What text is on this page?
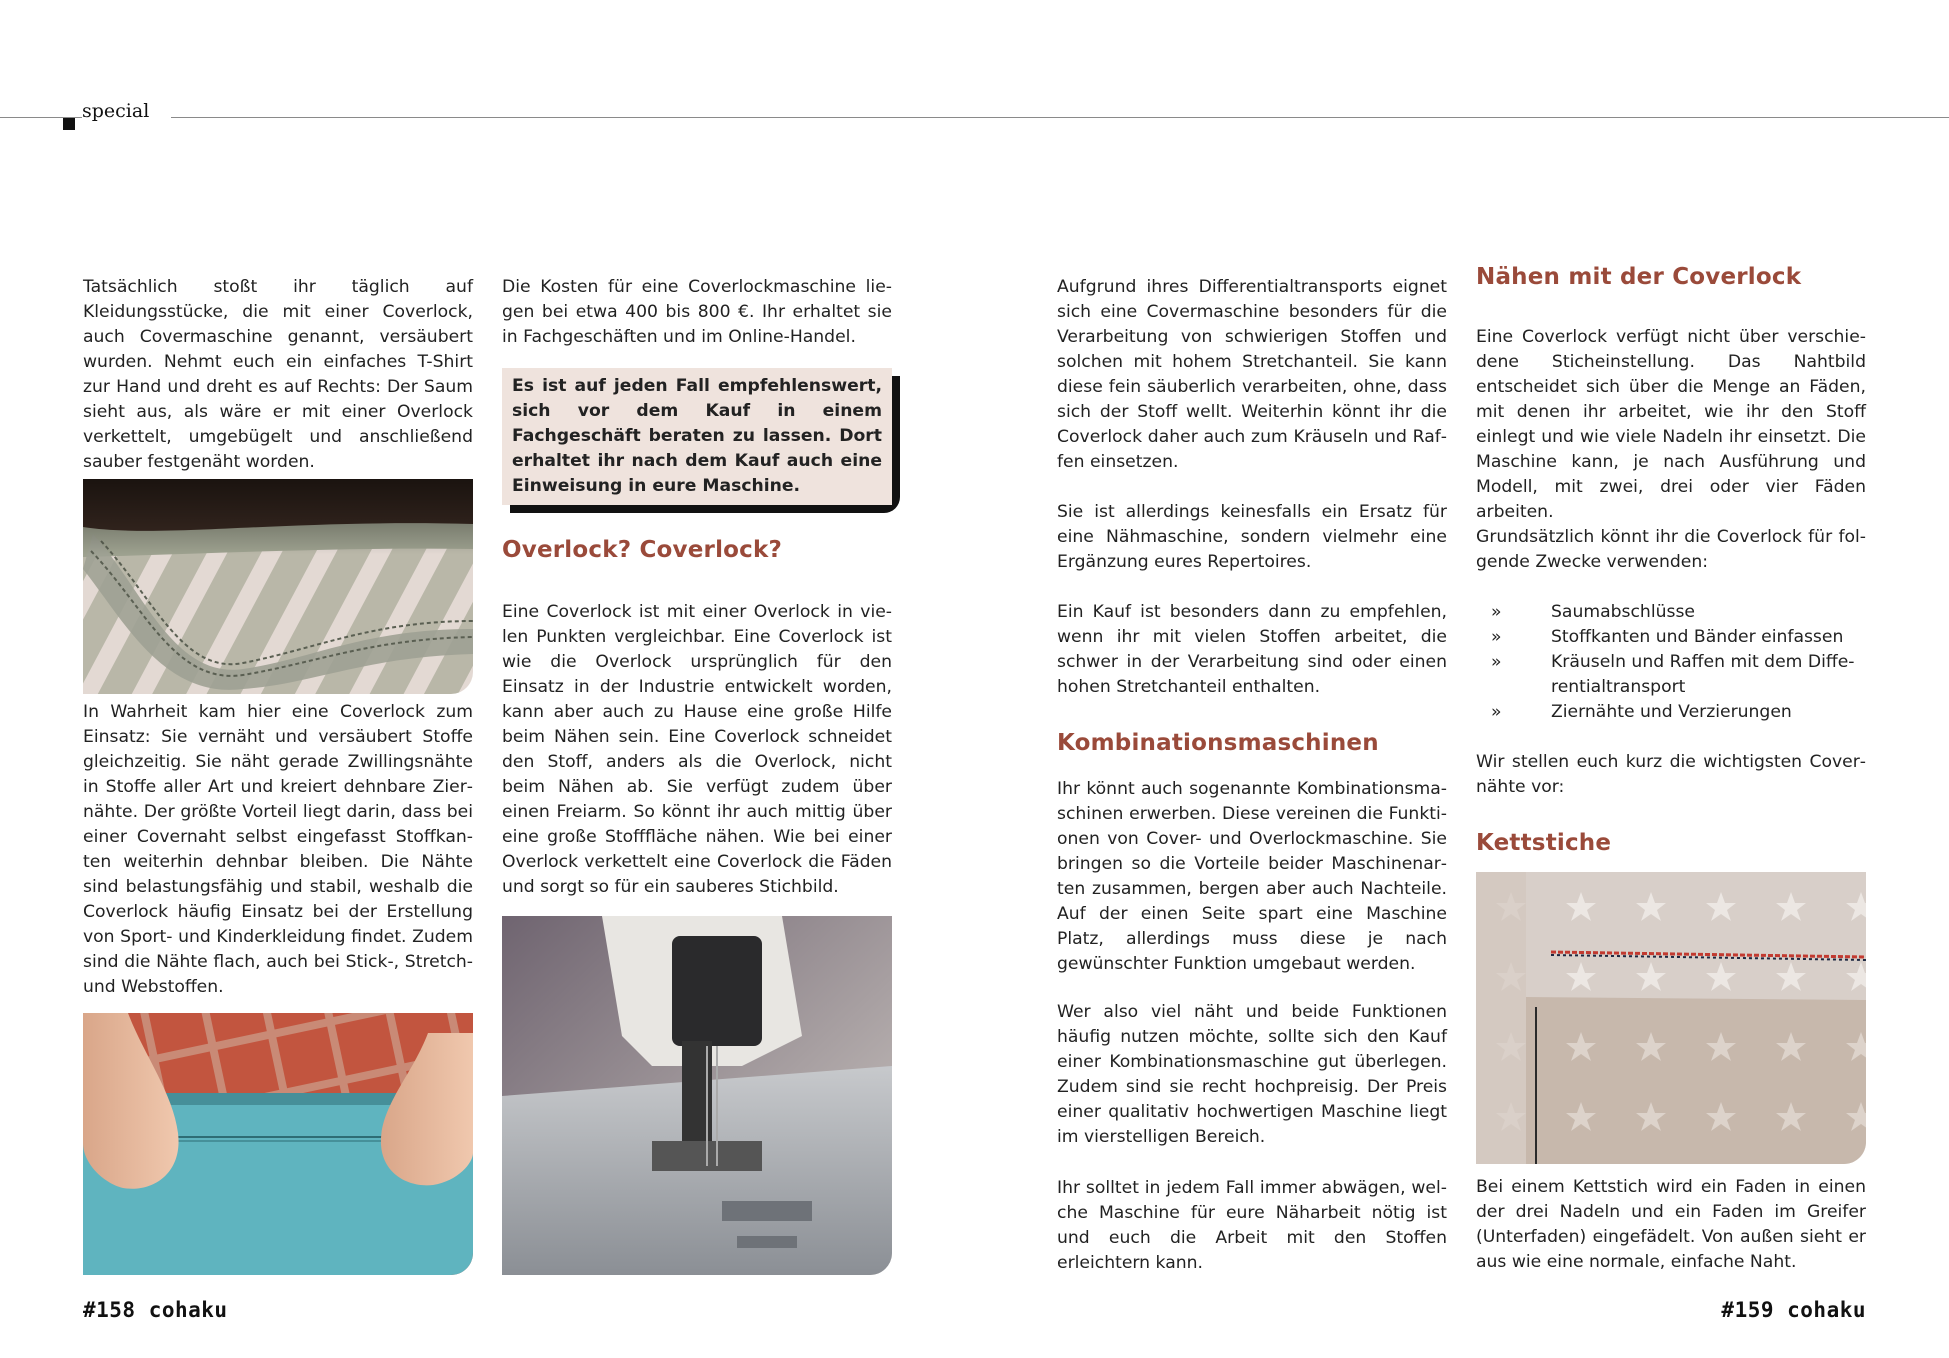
special

Tatsächlich stoßt ihr täglich auf Kleidungsstücke, die mit einer Coverlock, auch Covermaschine genannt, versäubert wurden. Nehmt euch ein einfaches T-Shirt zur Hand und dreht es auf Rechts: Der Saum sieht aus, als wäre er mit einer Overlock verkettelt, umgebügelt und anschließend sauber festgenäht worden.

In Wahrheit kam hier eine Coverlock zum Einsatz: Sie vernäht und versäubert Stoffe gleichzeitig. Sie näht gerade Zwillingsnähte in Stoffe aller Art und kreiert dehnbare Ziernähte. Der größte Vorteil liegt darin, dass bei einer Covernaht selbst eingefasst Stoffkanten weiterhin dehnbar bleiben. Die Nähte sind belastungsfähig und stabil, weshalb die Coverlock häufig Einsatz bei der Erstellung von Sport- und Kinderkleidung findet. Zudem sind die Nähte flach, auch bei Stick-, Stretch- und Webstoffen.

Die Kosten für eine Coverlockmaschine liegen bei etwa 400 bis 800 €. Ihr erhaltet sie in Fachgeschäften und im Online-Handel.

Es ist auf jeden Fall empfehlenswert, sich vor dem Kauf in einem Fachgeschäft beraten zu lassen. Dort erhaltet ihr nach dem Kauf auch eine Einweisung in eure Maschine.
Overlock? Coverlock?

Eine Coverlock ist mit einer Overlock in vielen Punkten vergleichbar. Eine Coverlock ist wie die Overlock ursprünglich für den Einsatz in der Industrie entwickelt worden, kann aber auch zu Hause eine große Hilfe beim Nähen sein. Eine Coverlock schneidet den Stoff, anders als die Overlock, nicht beim Nähen ab. Sie verfügt zudem über einen Freiarm. So könnt ihr auch mittig über eine große Stofffläche nähen. Wie bei einer Overlock verkettelt eine Coverlock die Fäden und sorgt so für ein sauberes Stichbild.

#158 cohaku

Aufgrund ihres Differentialtransports eignet sich eine Covermaschine besonders für die Verarbeitung von schwierigen Stoffen und solchen mit hohem Stretchanteil. Sie kann diese fein säuberlich verarbeiten, ohne, dass sich der Stoff wellt. Weiterhin könnt ihr die Coverlock daher auch zum Kräuseln und Raffen einsetzen.

Sie ist allerdings keinesfalls ein Ersatz für eine Nähmaschine, sondern vielmehr eine Ergänzung eures Repertoires.

Ein Kauf ist besonders dann zu empfehlen, wenn ihr mit vielen Stoffen arbeitet, die schwer in der Verarbeitung sind oder einen hohen Stretchanteil enthalten.

Kombinationsmaschinen

Ihr könnt auch sogenannte Kombinationsmaschinen erwerben. Diese vereinen die Funktionen von Cover- und Overlockmaschine. Sie bringen so die Vorteile beider Maschinenarten zusammen, bergen aber auch Nachteile. Auf der einen Seite spart eine Maschine Platz, allerdings muss diese je nach gewünschter Funktion umgebaut werden.

Wer also viel näht und beide Funktionen häufig nutzen möchte, sollte sich den Kauf einer Kombinationsmaschine gut überlegen. Zudem sind sie recht hochpreisig. Der Preis einer qualitativ hochwertigen Maschine liegt im vierstelligen Bereich.

Ihr solltet in jedem Fall immer abwägen, welche Maschine für eure Näharbeit nötig ist und euch die Arbeit mit den Stoffen erleichtern kann.

Nähen mit der Coverlock

Eine Coverlock verfügt nicht über verschiedene Sticheinstellung. Das Nahtbild entscheidet sich über die Menge an Fäden, mit denen ihr arbeitet, wie ihr den Stoff einlegt und wie viele Nadeln ihr einsetzt. Die Maschine kann, je nach Ausführung und Modell, mit zwei, drei oder vier Fäden arbeiten.

Grundsätzlich könnt ihr die Coverlock für folgende Zwecke verwenden:

»	Saumabschlüsse
»	Stoffkanten und Bänder einfassen
»	Kräuseln und Raffen mit dem Differentialtransport
»	Ziernähte und Verzierungen

Wir stellen euch kurz die wichtigsten Covernähte vor:

Kettstiche

Bei einem Kettstich wird ein Faden in einen der drei Nadeln und ein Faden im Greifer (Unterfaden) eingefädelt. Von außen sieht er aus wie eine normale, einfache Naht.

#159 cohaku
